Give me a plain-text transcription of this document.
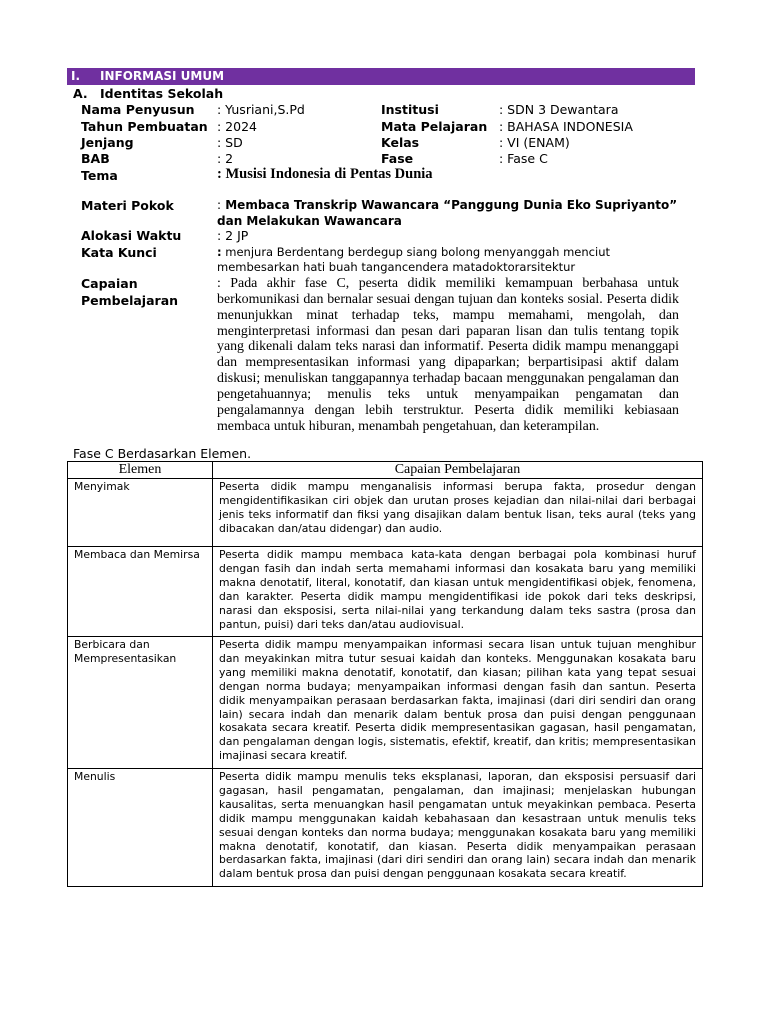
I. INFORMASI UMUM
A. Identitas Sekolah
Nama Penyusun : Yusriani,S.Pd	Institusi	: SDN 3 Dewantara
Tahun Pembuatan : 2024	Mata Pelajaran : BAHASA INDONESIA
Jenjang	: SD	Kelas	: VI (ENAM)
BAB	: 2	Fase	: Fase C
Tema	: Musisi Indonesia di Pentas Dunia
Materi Pokok	: Membaca Transkrip Wawancara “Panggung Dunia Eko Supriyanto” dan Melakukan Wawancara
Alokasi Waktu	: 2 JP
Kata Kunci	: menjura Berdentang berdegup siang bolong menyanggah menciut membesarkan hati buah tangancendera matadoktorarsitektur
Capaian
Pembelajaran
: Pada akhir fase C, peserta didik memiliki kemampuan berbahasa untuk berkomunikasi dan bernalar sesuai dengan tujuan dan konteks sosial. Peserta didik menunjukkan minat terhadap teks, mampu memahami, mengolah, dan menginterpretasi informasi dan pesan dari paparan lisan dan tulis tentang topik yang dikenali dalam teks narasi dan informatif. Peserta didik mampu menanggapi dan mempresentasikan informasi yang dipaparkan; berpartisipasi aktif dalam diskusi; menuliskan tanggapannya terhadap bacaan menggunakan pengalaman dan pengetahuannya; menulis teks untuk menyampaikan pengamatan dan pengalamannya dengan lebih terstruktur. Peserta didik memiliki kebiasaan membaca untuk hiburan, menambah pengetahuan, dan keterampilan.
Fase C Berdasarkan Elemen.
Elemen	Capaian Pembelajaran
Menyimak	Peserta didik mampu menganalisis informasi berupa fakta, prosedur dengan mengidentifikasikan ciri objek dan urutan proses kejadian dan nilai-nilai dari berbagai jenis teks informatif dan fiksi yang disajikan dalam bentuk lisan, teks aural (teks yang dibacakan dan/atau didengar) dan audio.
Membaca dan Memirsa	Peserta didik mampu membaca kata-kata dengan berbagai pola kombinasi huruf dengan fasih dan indah serta memahami informasi dan kosakata baru yang memiliki makna denotatif, literal, konotatif, dan kiasan untuk mengidentifikasi objek, fenomena, dan karakter. Peserta didik mampu mengidentifikasi ide pokok dari teks deskripsi, narasi dan eksposisi, serta nilai-nilai yang terkandung dalam teks sastra (prosa dan pantun, puisi) dari teks dan/atau audiovisual.
Berbicara dan Mempresentasikan	Peserta didik mampu menyampaikan informasi secara lisan untuk tujuan menghibur dan meyakinkan mitra tutur sesuai kaidah dan konteks. Menggunakan kosakata baru yang memiliki makna denotatif, konotatif, dan kiasan; pilihan kata yang tepat sesuai dengan norma budaya; menyampaikan informasi dengan fasih dan santun. Peserta didik menyampaikan perasaan berdasarkan fakta, imajinasi (dari diri sendiri dan orang lain) secara indah dan menarik dalam bentuk prosa dan puisi dengan penggunaan kosakata secara kreatif. Peserta didik mempresentasikan gagasan, hasil pengamatan, dan pengalaman dengan logis, sistematis, efektif, kreatif, dan kritis; mempresentasikan imajinasi secara kreatif.
Menulis	Peserta didik mampu menulis teks eksplanasi, laporan, dan eksposisi persuasif dari gagasan, hasil pengamatan, pengalaman, dan imajinasi; menjelaskan hubungan kausalitas, serta menuangkan hasil pengamatan untuk meyakinkan pembaca. Peserta didik mampu menggunakan kaidah kebahasaan dan kesastraan untuk menulis teks sesuai dengan konteks dan norma budaya; menggunakan kosakata baru yang memiliki makna denotatif, konotatif, dan kiasan. Peserta didik menyampaikan perasaan berdasarkan fakta, imajinasi (dari diri sendiri dan orang lain) secara indah dan menarik dalam bentuk prosa dan puisi dengan penggunaan kosakata secara kreatif.
